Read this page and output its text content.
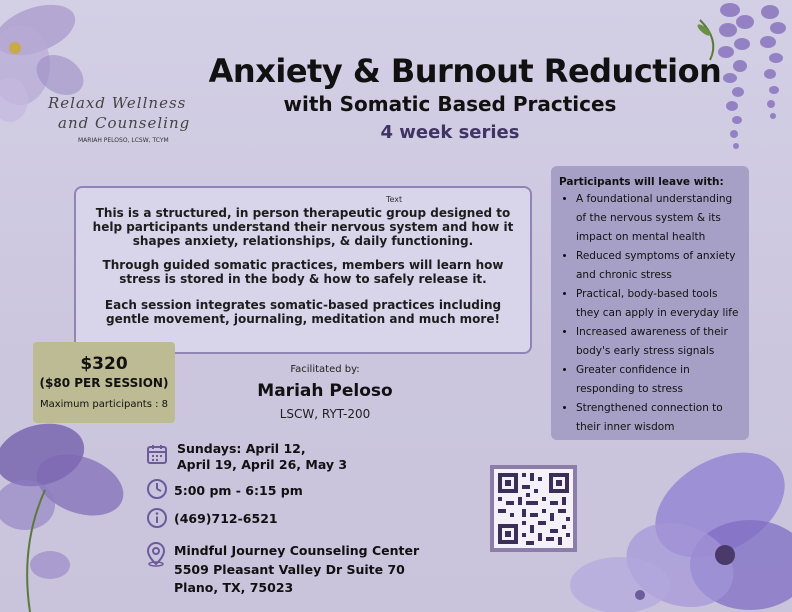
Relaxd Wellness
and Counseling
MARIAH PELOSO, LCSW, TCYM
Anxiety & Burnout Reduction
with Somatic Based Practices
4 week series
Text
This is a structured, in person therapeutic group designed to help participants understand their nervous system and how it shapes anxiety, relationships, & daily functioning.
Through guided somatic practices, members will learn how stress is stored in the body & how to safely release it.
Each session integrates somatic-based practices including gentle movement, journaling, meditation and much more!
$320
($80 PER SESSION)
Maximum participants : 8
Facilitated by:
Mariah Peloso
LSCW, RYT-200
Participants will leave with:
• A foundational understanding
of the nervous system & its
impact on mental health
• Reduced symptoms of anxiety
and chronic stress
• Practical, body-based tools
they can apply in everyday life
• Increased awareness of their
body's early stress signals
• Greater confidence in
responding to stress
• Strengthened connection to
their inner wisdom
Sundays: April 12,
April 19, April 26, May 3
5:00 pm - 6:15 pm
(469)712-6521
Mindful Journey Counseling Center
5509 Pleasant Valley Dr Suite 70
Plano, TX, 75023
